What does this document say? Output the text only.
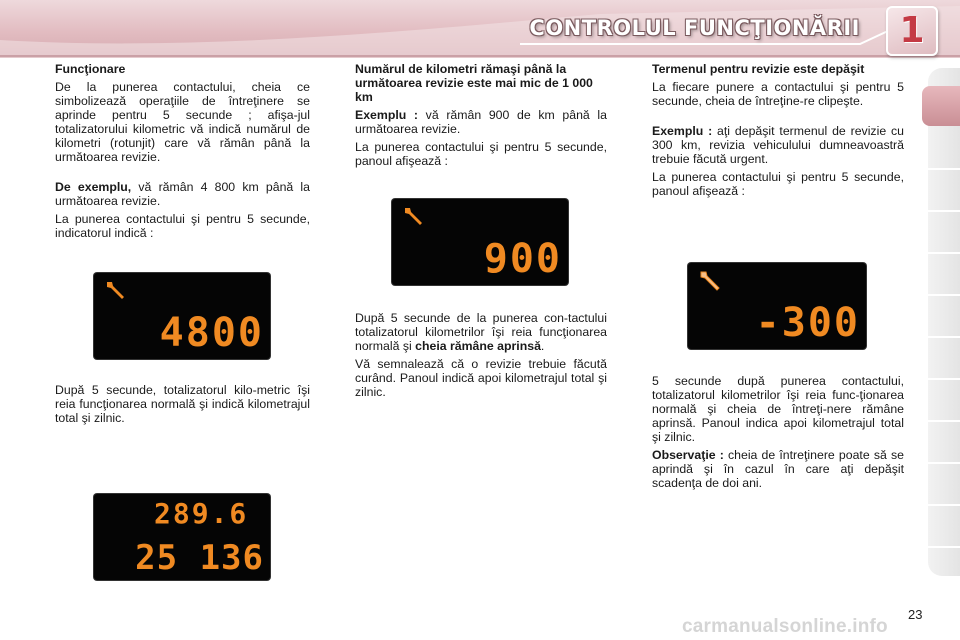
CONTROLUL FUNCŢIONĂRII	1
Funcţionare
De la punerea contactului, cheia ce simbolizează operaţiile de întreţinere se aprinde pentru 5 secunde ; afişa-jul totalizatorului kilometric vă indică numărul de kilometri (rotunjit) care vă rămân până la următoarea revizie.
De exemplu, vă rămân 4 800 km până la următoarea revizie.
La punerea contactului şi pentru 5 secunde, indicatorul indică :
4800
După 5 secunde, totalizatorul kilo-metric îşi reia funcţionarea normală şi indică kilometrajul total şi zilnic.
289.6
25 136
Numărul de kilometri rămaşi până la următoarea revizie este mai mic de 1 000 km
Exemplu : vă rămân 900 de km până la următoarea revizie.
La punerea contactului şi pentru 5 secunde, panoul afişează :
900
După 5 secunde de la punerea con-tactului totalizatorul kilometrilor îşi reia funcţionarea normală şi cheia rămâne aprinsă.
Vă semnalează că o revizie trebuie făcută curând. Panoul indică apoi kilometrajul total şi zilnic.
Termenul pentru revizie este depăşit
La fiecare punere a contactului şi pentru 5 secunde, cheia de întreţine-re clipeşte.
Exemplu : aţi depăşit termenul de revizie cu 300 km, revizia vehiculului dumneavoastră trebuie făcută urgent.
La punerea contactului şi pentru 5 secunde, panoul afişează :
-300
5 secunde după punerea contactului, totalizatorul kilometrilor îşi reia func-ţionarea normală şi cheia de întreţi-nere rămâne aprinsă. Panoul indica apoi kilometrajul total şi zilnic.
Observaţie : cheia de întreţinere poate să se aprindă şi în cazul în care aţi depăşit scadenţa de doi ani.
23
carmanualsonline.info
